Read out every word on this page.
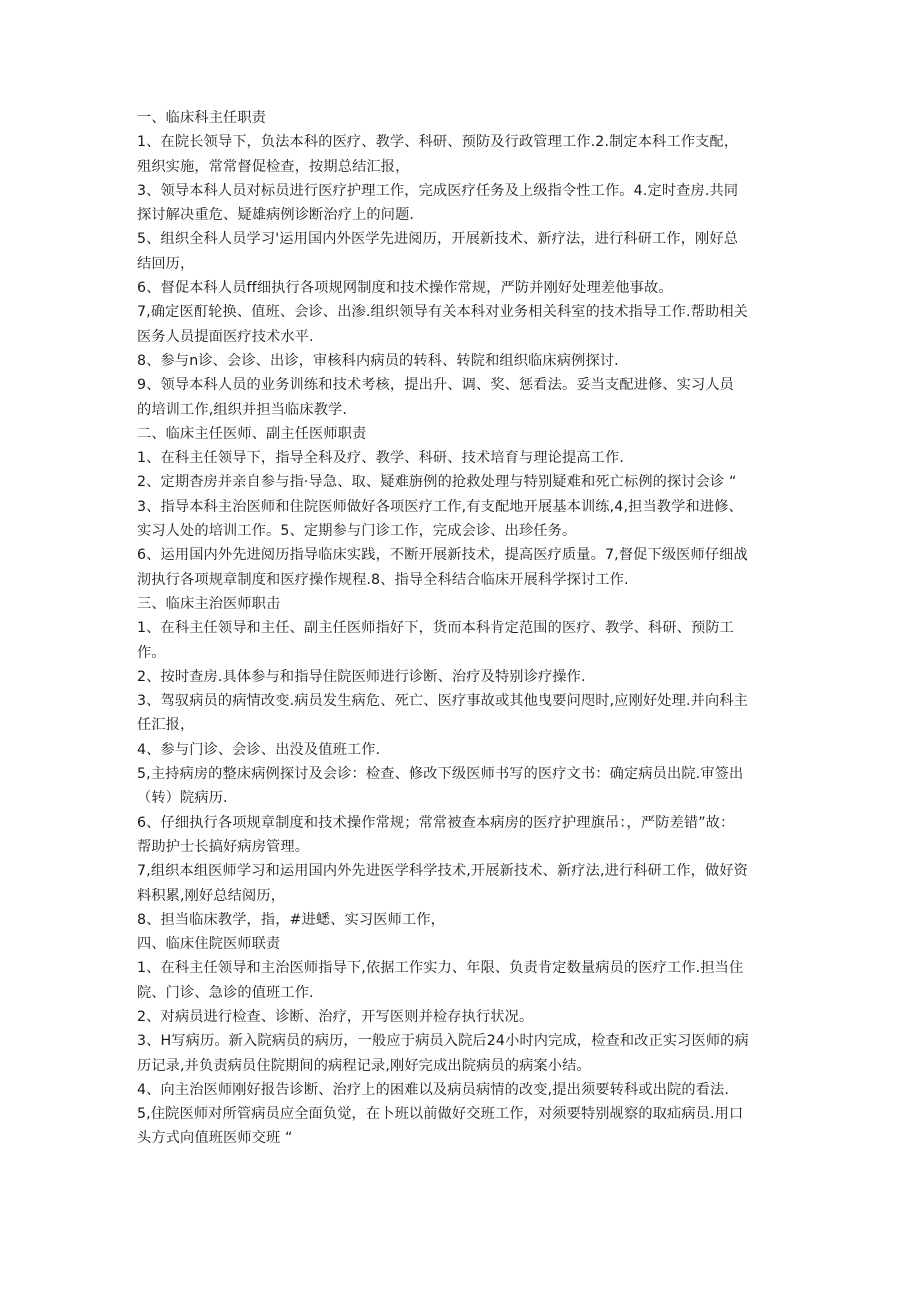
一、临床科主任职责
1、在院长领导下，负法本科的医疗、教学、科研、预防及行政管理工作.2.制定本科工作支配，
殂织实施，常常督促检查，按期总结汇报，
3、领导本科人员对标员进行医疗护理工作，完成医疗任务及上级指令性工作。4.定时查房.共同
探讨解决重危、疑雄病例诊断治疗上的问题.
5、组织全科人员学习'运用国内外医学先进阅历，开展新技术、新疗法，进行科研工作，刚好总
结回历，
6、督促本科人员ff细执行各项规网制度和技术操作常规，严防并刚好处理差他事故。
7,确定医酊轮换、值班、会诊、出渗.组织领导有关本科对业务相关科室的技术指导工作.帮助相关
医务人员提面医疗技术水平.
8、参与n诊、会诊、出诊，审核科内病员的转科、转院和组织临床病例探讨.
9、领导本科人员的业务训练和技术考核，提出升、调、奖、惩看法。妥当支配进修、实习人员
的培训工作,组织并担当临床教学.
二、临床主任医师、副主任医师职责
1、在科主任领导下，指导全科及疗、教学、科研、技术培育与理论提高工作.
2、定期杳房并亲自参与指·导急、取、疑难旃例的抢救处理与特别疑难和死亡标例的探讨会诊 “
3、指导本科主治医师和住院医师做好各项医疗工作,有支配地开展基本训练,4,担当教学和进修、
实习人处的培训工作。5、定期参与门诊工作，完成会诊、出珍任务。
6、运用国内外先进阅历指导临床实践，不断开展新技术，提高医疗质量。7,督促下级医师仔细战
沏执行各项规章制度和医疗操作规程.8、指导全科结合临床开展科学探讨工作.
三、临床主治医师职击
1、在科主任领导和主任、副主任医师指好下，货而本科肯定范围的医疗、教学、科研、预防工
作。
2、按时查房.具体参与和指导住院医师进行诊断、治疗及特别诊疗操作.
3、驾驭病员的病情改变.病员发生病危、死亡、医疗事故或其他曳要问咫时,应刚好处理.并向科主
任汇报，
4、参与门诊、会诊、出没及值班工作.
5,主持病房的整床病例探讨及会诊：检查、修改下级医师书写的医疗文书：确定病员出院.审签出
（转）院病历.
6、仔细执行各项规章制度和技术操作常规；常常被查本病房的医疗护理旗吊：，严防差错”故：
帮助护士长搞好病房管理。
7,组织本组医师学习和运用国内外先进医学科学技术,开展新技术、新疗法,进行科研工作，做好资
料积累,刚好总结阅历，
8、担当临床教学，指，#进蟋、实习医师工作，
四、临床住院医师联责
1、在科主任领导和主治医师指导下,依据工作实力、年限、负责肯定数量病员的医疗工作.担当住
院、门诊、急诊的值班工作.
2、对病员进行检查、诊断、治疗，开写医则并检存执行状况。
3、H写病历。新入院病员的病历，一般应于病员入院后24小时内完成，检查和改正实习医师的病
历记录,并负责病员住院期间的病程记录,刚好完成出院病员的病案小结。
4、向主治医师刚好报告诊断、治疗上的困难以及病员病情的改变,提出须要转科或出院的看法.
5,住院医师对所管病员应全面负觉，在卜班以前做好交班工作，对须要特别觇察的取疝病员.用口
头方式向值班医师交班 “
